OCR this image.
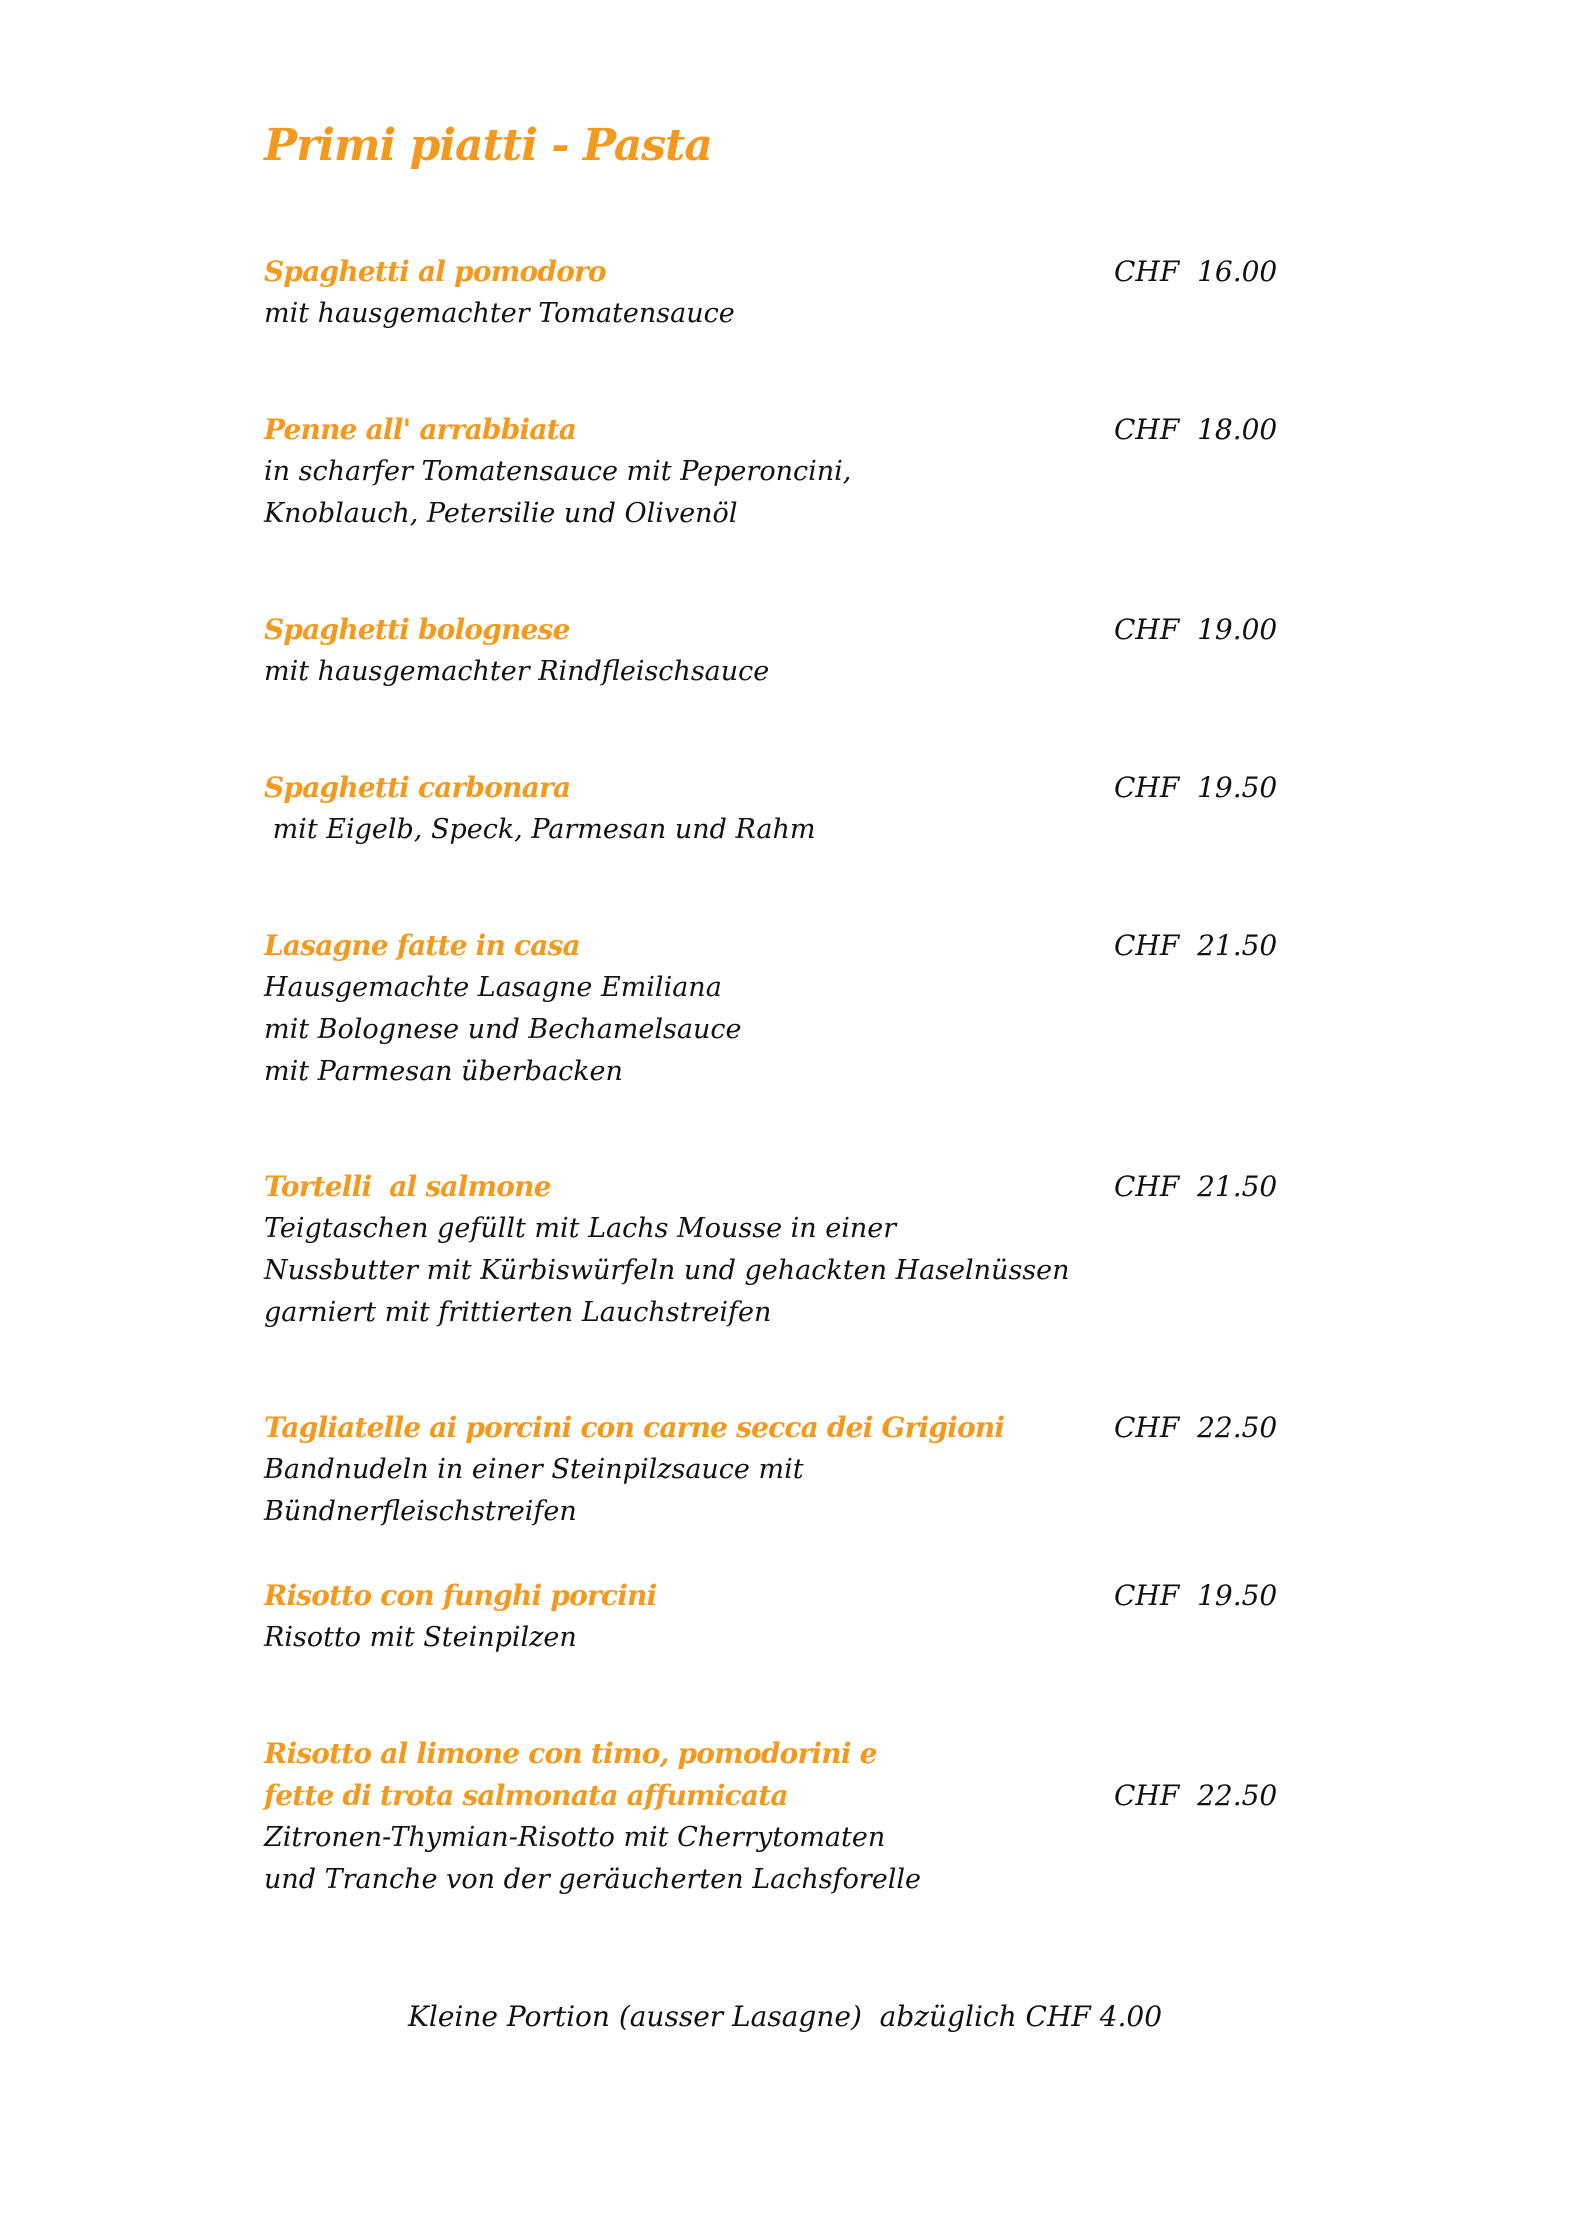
Primi piatti - Pasta
Spaghetti al pomodoro
mit hausgemachter Tomatensauce
CHF  16.00
Penne all' arrabbiata
in scharfer Tomatensauce mit Peperoncini,
Knoblauch, Petersilie und Olivenöl
CHF  18.00
Spaghetti bolognese
mit hausgemachter Rindfleischsauce
CHF  19.00
Spaghetti carbonara
mit Eigelb, Speck, Parmesan und Rahm
CHF  19.50
Lasagne fatte in casa
Hausgemachte Lasagne Emiliana
mit Bolognese und Bechamelsauce
mit Parmesan überbacken
CHF  21.50
Tortelli  al salmone
Teigtaschen gefüllt mit Lachs Mousse in einer
Nussbutter mit Kürbiswürfeln und gehackten Haselnüssen
garniert mit frittierten Lauchstreifen
CHF  21.50
Tagliatelle ai porcini con carne secca dei Grigioni
Bandnudeln in einer Steinpilzsauce mit
Bündnerfleischstreifen
CHF  22.50
Risotto con funghi porcini
Risotto mit Steinpilzen
CHF  19.50
Risotto al limone con timo, pomodorini e
fette di trota salmonata affumicata
Zitronen-Thymian-Risotto mit Cherrytomaten
und Tranche von der geräucherten Lachsforelle
CHF  22.50
Kleine Portion (ausser Lasagne)  abzüglich CHF 4.00
